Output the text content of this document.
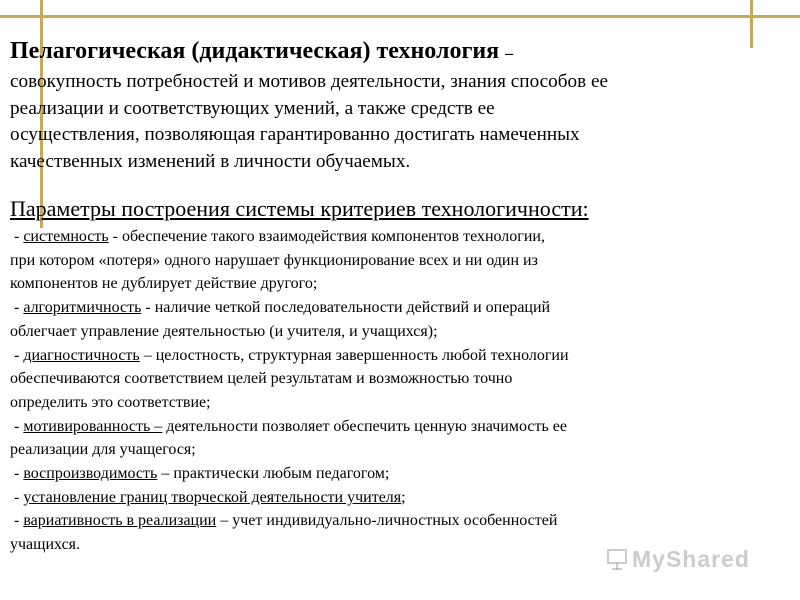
Пелагогическая (дидактическая) технология –
совокупность потребностей и мотивов деятельности, знания способов ее
реализации и соответствующих умений, а также средств ее
осуществления, позволяющая гарантированно достигать намеченных
качественных изменений в личности обучаемых.
Параметры построения системы критериев технологичности:
- системность - обеспечение такого взаимодействия компонентов технологии,
при котором «потеря» одного нарушает функционирование всех и ни один из
компонентов не дублирует действие другого;
- алгоритмичность - наличие четкой последовательности действий и операций
облегчает управление деятельностью (и учителя, и учащихся);
- диагностичность – целостность, структурная завершенность любой технологии
обеспечиваются соответствием целей результатам и возможностью точно
определить это соответствие;
- мотивированность – деятельности позволяет обеспечить ценную значимость ее
реализации для учащегося;
- воспроизводимость – практически любым педагогом;
- установление границ творческой деятельности учителя;
- вариативность в реализации – учет индивидуально-личностных особенностей
учащихся.
MyShared
